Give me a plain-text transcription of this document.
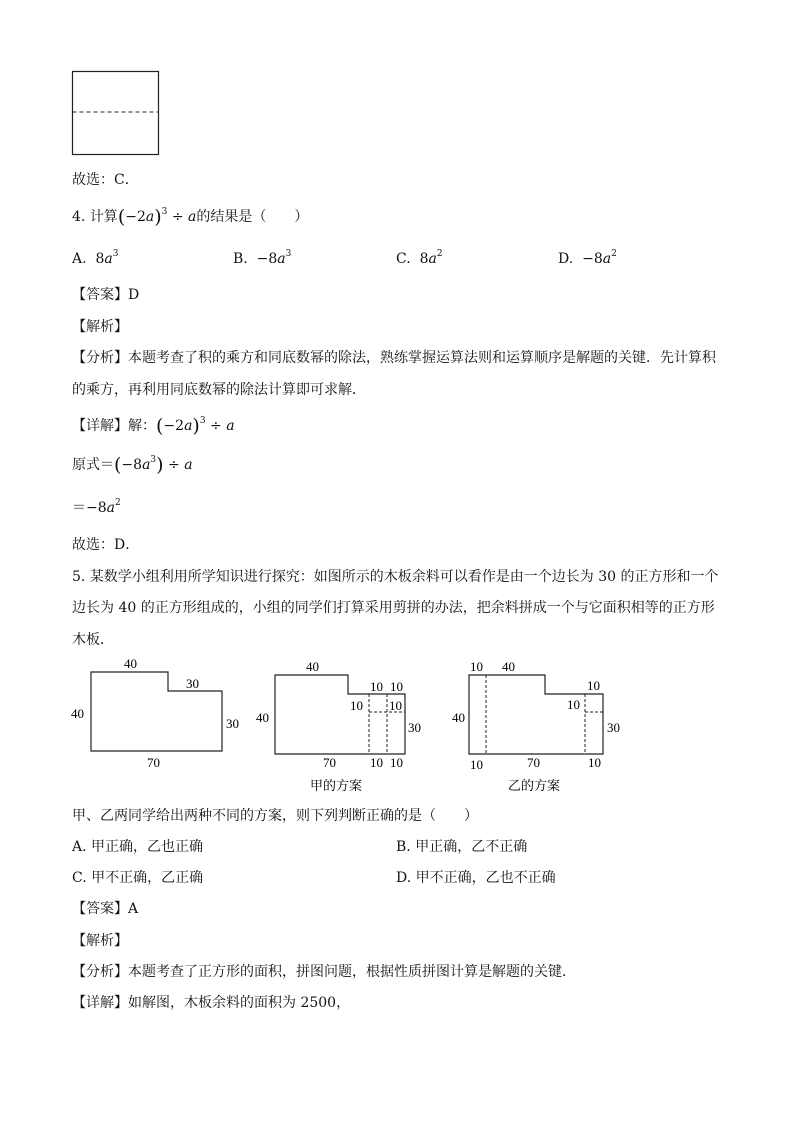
故选：C．
4. 计算$(-2a)^3 \div a$的结果是（　　）
A. $8a^3$	B. $-8a^3$	C. $8a^2$	D. $-8a^2$
【答案】D
【解析】
【分析】本题考查了积的乘方和同底数幂的除法，熟练掌握运算法则和运算顺序是解题的关键．先计算积
的乘方，再利用同底数幂的除法计算即可求解．
【详解】解：$(-2a)^3 \div a$
原式$=(-8a^3) \div a$
$=-8a^2$
故选：D．
5. 某数学小组利用所学知识进行探究：如图所示的木板余料可以看作是由一个边长为 30 的正方形和一个
边长为 40 的正方形组成的，小组的同学们打算采用剪拼的办法，把余料拼成一个与它面积相等的正方形
木板．
40
30
40
30
70
40
10 10
10 10
40
30
70	10 10
甲的方案
10 40
10
10
40
30
10	70	10
乙的方案
甲、乙两同学给出两种不同的方案，则下列判断正确的是（　　）
A. 甲正确，乙也正确	B. 甲正确，乙不正确
C. 甲不正确，乙正确	D. 甲不正确，乙也不正确
【答案】A
【解析】
【分析】本题考查了正方形的面积，拼图问题，根据性质拼图计算是解题的关键．
【详解】如解图，木板余料的面积为 2500，
